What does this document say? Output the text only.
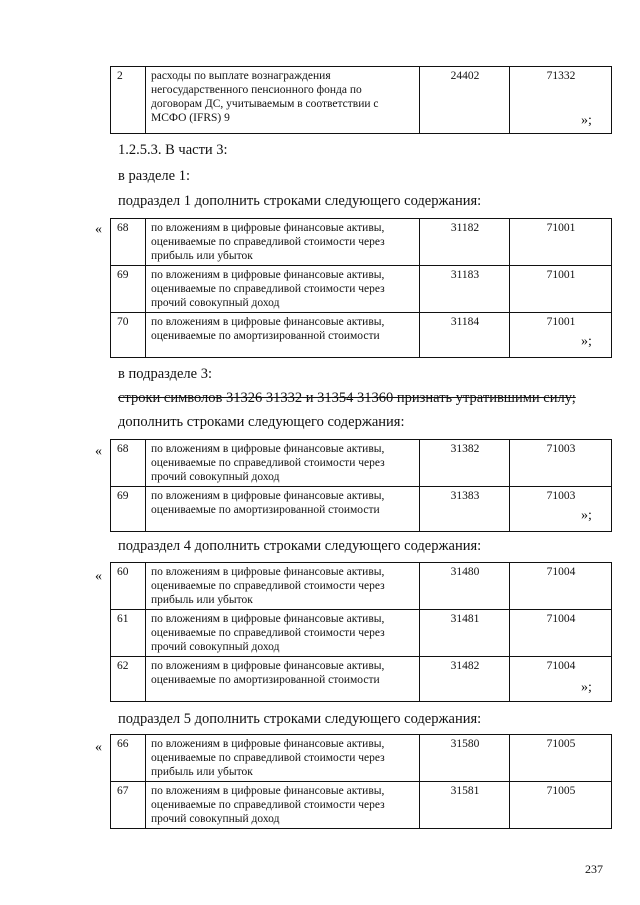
2	расходы по выплате вознаграждения негосударственного пенсионного фонда по договорам ДС, учитываемым в соответствии с МСФО (IFRS) 9	24402	71332
»;
1.2.5.3. В части 3:
в разделе 1:
подраздел 1 дополнить строками следующего содержания:
« 68	по вложениям в цифровые финансовые активы, оцениваемые по справедливой стоимости через прибыль или убыток	31182	71001
69	по вложениям в цифровые финансовые активы, оцениваемые по справедливой стоимости через прочий совокупный доход	31183	71001
70	по вложениям в цифровые финансовые активы, оцениваемые по амортизированной стоимости	31184	71001
»;
в подразделе 3:
строки символов 31326 31332 и 31354 31360 признать утратившими силу;
дополнить строками следующего содержания:
« 68	по вложениям в цифровые финансовые активы, оцениваемые по справедливой стоимости через прочий совокупный доход	31382	71003
69	по вложениям в цифровые финансовые активы, оцениваемые по амортизированной стоимости	31383	71003
»;
подраздел 4 дополнить строками следующего содержания:
« 60	по вложениям в цифровые финансовые активы, оцениваемые по справедливой стоимости через прибыль или убыток	31480	71004
61	по вложениям в цифровые финансовые активы, оцениваемые по справедливой стоимости через прочий совокупный доход	31481	71004
62	по вложениям в цифровые финансовые активы, оцениваемые по амортизированной стоимости	31482	71004
»;
подраздел 5 дополнить строками следующего содержания:
« 66	по вложениям в цифровые финансовые активы, оцениваемые по справедливой стоимости через прибыль или убыток	31580	71005
67	по вложениям в цифровые финансовые активы, оцениваемые по справедливой стоимости через прочий совокупный доход	31581	71005
237
